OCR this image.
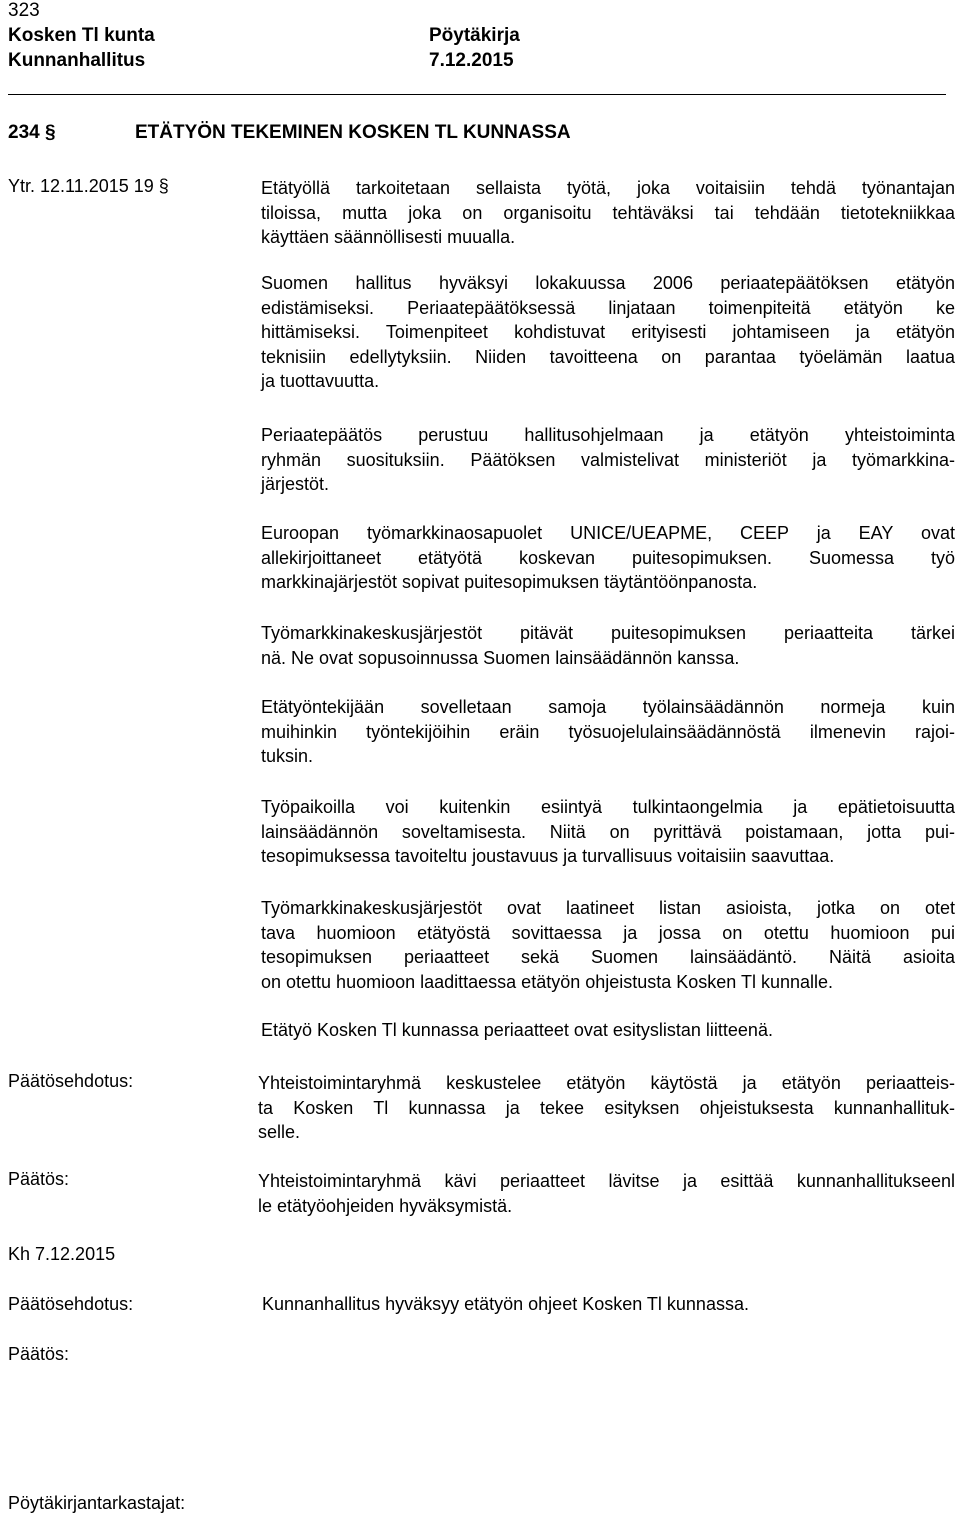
323
Kosken Tl kunta	Pöytäkirja
Kunnanhallitus	7.12.2015
234 §	ETÄTYÖN TEKEMINEN KOSKEN TL KUNNASSA
Ytr. 12.11.2015 19 §	Etätyöllä tarkoitetaan sellaista työtä, joka voitaisiin tehdä työnantajan
tiloissa, mutta joka on organisoitu tehtäväksi tai tehdään tietotekniikkaa
käyttäen säännöllisesti muualla.
Suomen hallitus hyväksyi lokakuussa 2006 periaatepäätöksen etätyön
edistämiseksi. Periaatepäätöksessä linjataan toimenpiteitä etätyön ke
hittämiseksi. Toimenpiteet kohdistuvat erityisesti johtamiseen ja etätyön
teknisiin edellytyksiin. Niiden tavoitteena on parantaa työelämän laatua
ja tuottavuutta.
Periaatepäätös perustuu hallitusohjelmaan ja etätyön yhteistoiminta
ryhmän suosituksiin. Päätöksen valmistelivat ministeriöt ja työmarkkina-
järjestöt.
Euroopan työmarkkinaosapuolet UNICE/UEAPME, CEEP ja EAY ovat
allekirjoittaneet etätyötä koskevan puitesopimuksen. Suomessa työ
markkinajärjestöt sopivat puitesopimuksen täytäntöönpanosta.
Työmarkkinakeskusjärjestöt pitävät puitesopimuksen periaatteita tärkei
nä. Ne ovat sopusoinnussa Suomen lainsäädännön kanssa.
Etätyöntekijään sovelletaan samoja työlainsäädännön normeja kuin
muihinkin työntekijöihin eräin työsuojelulainsäädännöstä ilmenevin rajoi-
tuksin.
Työpaikoilla voi kuitenkin esiintyä tulkintaongelmia ja epätietoisuutta
lainsäädännön soveltamisesta. Niitä on pyrittävä poistamaan, jotta pui-
tesopimuksessa tavoiteltu joustavuus ja turvallisuus voitaisiin saavuttaa.
Työmarkkinakeskusjärjestöt ovat laatineet listan asioista, jotka on otet
tava huomioon etätyöstä sovittaessa ja jossa on otettu huomioon pui
tesopimuksen periaatteet sekä Suomen lainsäädäntö. Näitä asioita
on otettu huomioon laadittaessa etätyön ohjeistusta Kosken Tl kunnalle.
Etätyö Kosken Tl kunnassa periaatteet ovat esityslistan liitteenä.
Päätösehdotus:	Yhteistoimintaryhmä keskustelee etätyön käytöstä ja etätyön periaatteis-
ta Kosken Tl kunnassa ja tekee esityksen ohjeistuksesta kunnanhallituk-
selle.
Päätös:	Yhteistoimintaryhmä kävi periaatteet lävitse ja esittää kunnanhallitukseenl
le etätyöohjeiden hyväksymistä.
Kh 7.12.2015
Päätösehdotus:	Kunnanhallitus hyväksyy etätyön ohjeet Kosken Tl kunnassa.
Päätös:
Pöytäkirjantarkastajat:
